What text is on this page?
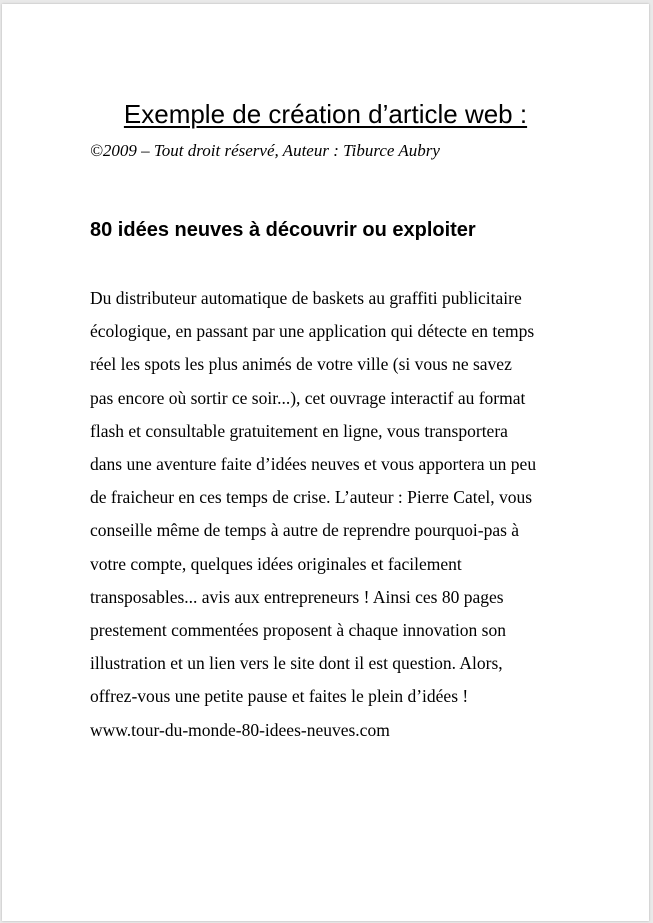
Exemple de création d’article web :
©2009 – Tout droit réservé, Auteur : Tiburce Aubry
80 idées neuves à découvrir ou exploiter
Du distributeur automatique de baskets au graffiti publicitaire
écologique, en passant par une application qui détecte en temps
réel les spots les plus animés de votre ville (si vous ne savez
pas encore où sortir ce soir...), cet ouvrage interactif au format
flash et consultable gratuitement en ligne, vous transportera
dans une aventure faite d’idées neuves et vous apportera un peu
de fraicheur en ces temps de crise. L’auteur : Pierre Catel, vous
conseille même de temps à autre de reprendre pourquoi-pas à
votre compte, quelques idées originales et facilement
transposables... avis aux entrepreneurs ! Ainsi ces 80 pages
prestement commentées proposent à chaque innovation son
illustration et un lien vers le site dont il est question. Alors,
offrez-vous une petite pause et faites le plein d’idées !
www.tour-du-monde-80-idees-neuves.com
